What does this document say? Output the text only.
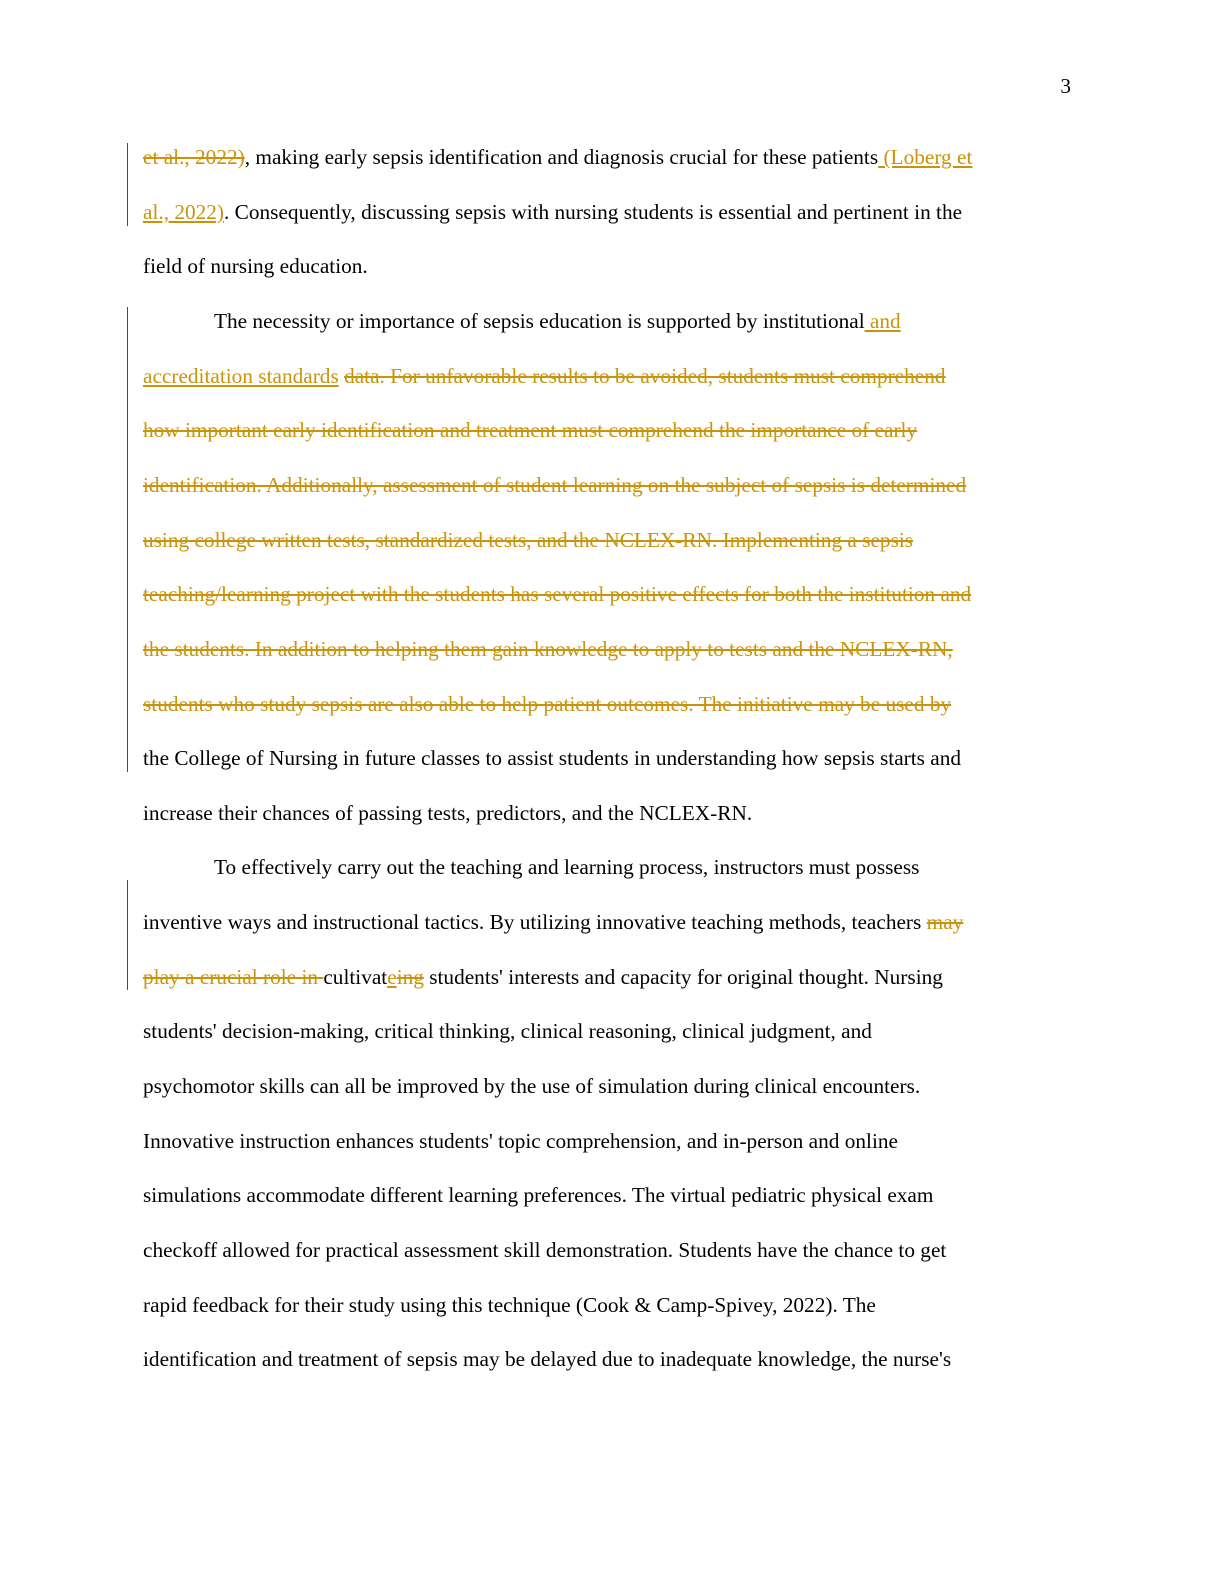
3
et al., 2022), making early sepsis identification and diagnosis crucial for these patients (Loberg et
al., 2022). Consequently, discussing sepsis with nursing students is essential and pertinent in the
field of nursing education.
The necessity or importance of sepsis education is supported by institutional and
accreditation standards data. For unfavorable results to be avoided, students must comprehend
how important early identification and treatment must comprehend the importance of early
identification. Additionally, assessment of student learning on the subject of sepsis is determined
using college written tests, standardized tests, and the NCLEX-RN. Implementing a sepsis
teaching/learning project with the students has several positive effects for both the institution and
the students. In addition to helping them gain knowledge to apply to tests and the NCLEX-RN,
students who study sepsis are also able to help patient outcomes. The initiative may be used by
the College of Nursing in future classes to assist students in understanding how sepsis starts and
increase their chances of passing tests, predictors, and the NCLEX-RN.
To effectively carry out the teaching and learning process, instructors must possess
inventive ways and instructional tactics. By utilizing innovative teaching methods, teachers may
play a crucial role in cultivateing students' interests and capacity for original thought. Nursing
students' decision-making, critical thinking, clinical reasoning, clinical judgment, and
psychomotor skills can all be improved by the use of simulation during clinical encounters.
Innovative instruction enhances students' topic comprehension, and in-person and online
simulations accommodate different learning preferences. The virtual pediatric physical exam
checkoff allowed for practical assessment skill demonstration. Students have the chance to get
rapid feedback for their study using this technique (Cook & Camp-Spivey, 2022). The
identification and treatment of sepsis may be delayed due to inadequate knowledge, the nurse's
